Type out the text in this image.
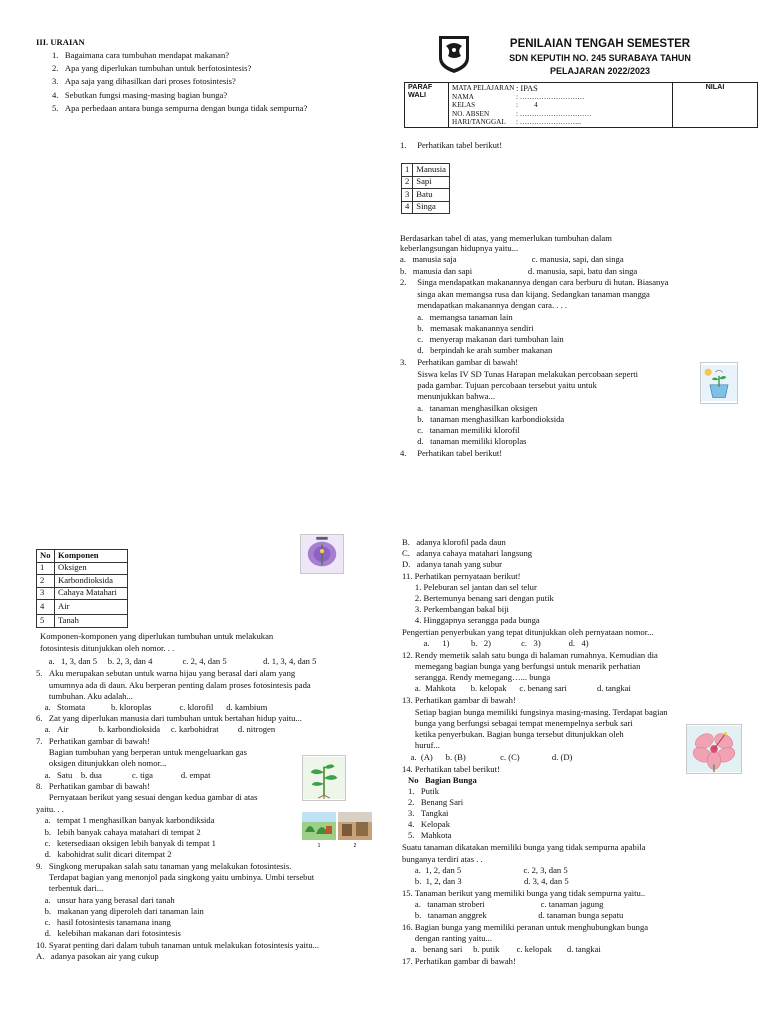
III. URAIAN
1.   Bagaimana cara tumbuhan mendapat makanan?
2.   Apa yang diperlukan tumbuhan untuk berfotosintesis?
3.   Apa saja yang dihasilkan dari proses fotosintesis?
4.   Sebutkan fungsi masing-masing bagian bunga?
5.   Apa perbedaan antara bunga sempurna dengan bunga tidak sempurna?
PENILAIAN TENGAH SEMESTER
SDN KEPUTIH NO. 245 SURABAYA TAHUN
PELAJARAN 2022/2023
PARAF WALI	
MATA PELAJARAN : IPAS
NAMA	: ………………………
KELAS	:         4
NO. ABSEN	: …………………………
HARI/TANGGAL	: ……………………..
	NILAI
1.     Perhatikan tabel berikut!
1	Manusia
2	Sapi
3	Batu
4	Singa
Berdasarkan tabel di atas, yang memerlukan tumbuhan dalam
keberlangsungan hidupnya yaitu...
a.   manusia saja                                   c. manusia, sapi, dan singa
b.   manusia dan sapi                          d. manusia, sapi, batu dan singa
2.     Singa mendapatkan makanannya dengan cara berburu di hutan. Biasanya
singa akan memangsa rusa dan kijang. Sedangkan tanaman mangga
mendapatkan makanannya dengan cara. . . .
a.   memangsa tanaman lain
b.   memasak makanannya sendiri
c.   menyerap makanan dari tumbuhan lain
d.   berpindah ke arah sumber makanan
3.     Perhatikan gambar di bawah!
Siswa kelas IV SD Tunas Harapan melakukan percobaan seperti
pada gambar. Tujuan percobaan tersebut yaitu untuk
menunjukkan bahwa...
a.   tanaman menghasilkan oksigen
b.   tanaman menghasilkan karbondioksida
c.   tanaman memiliki klorofil
d.   tanaman memiliki kloroplas
4.     Perhatikan tabel berikut!
No	Komponen
1	Oksigen
2	Karbondioksida
3	Cahaya Matahari
4	Air
5	Tanah
Komponen-komponen yang diperlukan tumbuhan untuk melakukan
fotosintesis ditunjukkan oleh nomor. . .
a.   1, 3, dan 5     b. 2, 3, dan 4              c. 2, 4, dan 5                 d. 1, 3, 4, dan 5
5.   Aku merupakan sebutan untuk warna hijau yang berasal dari alam yang
umumnya ada di daun. Aku berperan penting dalam proses fotosintesis pada
tumbuhan. Aku adalah...
a.   Stomata            b. kloroplas             c. klorofil      d. kambium
6.   Zat yang diperlukan manusia dari tumbuhan untuk bertahan hidup yaitu...
a.   Air              b. karbondioksida     c. karbohidrat         d. nitrogen
7.   Perhatikan gambar di bawah!
Bagian tumbuhan yang berperan untuk mengeluarkan gas
oksigen ditunjukkan oleh nomor...
a.   Satu    b. dua              c. tiga             d. empat
8.   Perhatikan gambar di bawah!
Pernyataan berikut yang sesuai dengan kedua gambar di atas
yaitu. . .
a.   tempat 1 menghasilkan banyak karbondiksida
b.   lebih banyak cahaya matahari di tempat 2
c.   ketersediaan oksigen lebih banyak di tempat 1
d.   kabohidrat sulit dicari ditempat 2
9.   Singkong merupakan salah satu tanaman yang melakukan fotosintesis.
Terdapat bagian yang menonjol pada singkong yaitu umbinya. Umbi tersebut
terbentuk dari...
a.   unsur hara yang berasal dari tanah
b.   makanan yang diperoleh dari tanaman lain
c.   hasil fotosintesis tanamana inang
d.   kelebihan makanan dari fotosintesis
10. Syarat penting dari dalam tubuh tanaman untuk melakukan fotosintesis yaitu...
A.   adanya pasokan air yang cukup
1	2
B.   adanya klorofil pada daun
C.   adanya cahaya matahari langsung
D.   adanya tanah yang subur
11. Perhatikan pernyataan berikut!
1. Peleburan sel jantan dan sel telur
2. Bertemunya benang sari dengan putik
3. Perkembangan bakal biji
4. Hinggapnya serangga pada bunga
Pengertian penyerbukan yang tepat ditunjukkan oleh pernyataan nomor...
a.      1)          b.   2)              c.   3)             d.   4)
12. Rendy memetik salah satu bunga di halaman rumahnya. Kemudian dia
memegang bagian bunga yang berfungsi untuk menarik perhatian
serangga. Rendy memegang…... bunga
a.  Mahkota       b. kelopak      c. benang sari              d. tangkai
13. Perhatikan gambar di bawah!
Setiap bagian bunga memiliki fungsinya masing-masing. Terdapat bagian
bunga yang berfungsi sebagai tempat menempelnya serbuk sari
ketika penyerbukan. Bagian bunga tersebut ditunjukkan oleh
huruf...
a.  (A)      b. (B)                c. (C)               d. (D)
14. Perhatikan tabel berikut!
No   Bagian Bunga
1.   Putik
2.   Benang Sari
3.   Tangkai
4.   Kelopak
5.   Mahkota
Suatu tanaman dikatakan memiliki bunga yang tidak sempurna apabila
bunganya terdiri atas . .
a.  1, 2, dan 5                             c. 2, 3, dan 5
b.  1, 2, dan 3                             d. 3, 4, dan 5
15. Tanaman berikut yang memiliki bunga yang tidak sempurna yaitu..
a.   tanaman stroberi                          c. tanaman jagung
b.   tanaman anggrek                        d. tanaman bunga sepatu
16. Bagian bunga yang memiliki peranan untuk menghubungkan bunga
dengan ranting yaitu...
a.   benang sari     b. putik        c. kelopak       d. tangkai
17. Perhatikan gambar di bawah!
